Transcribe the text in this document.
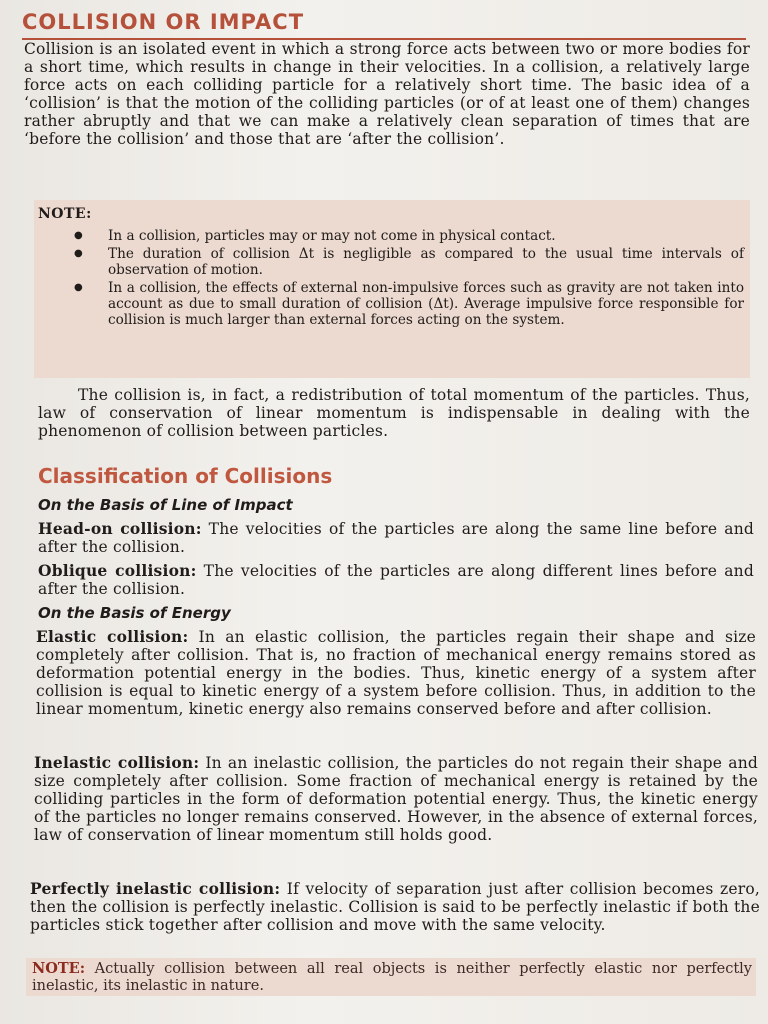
COLLISION OR IMPACT
Collision is an isolated event in which a strong force acts between two or more bodies for a short time, which results in change in their velocities. In a collision, a relatively large force acts on each colliding particle for a relatively short time. The basic idea of a ‘collision’ is that the motion of the colliding particles (or of at least one of them) changes rather abruptly and that we can make a relatively clean separation of times that are ‘before the collision’ and those that are ‘after the collision’.
NOTE:
● In a collision, particles may or may not come in physical contact.
● The duration of collision Δt is negligible as compared to the usual time intervals of observation of motion.
● In a collision, the effects of external non-impulsive forces such as gravity are not taken into account as due to small duration of collision (Δt). Average impulsive force responsible for collision is much larger than external forces acting on the system.
The collision is, in fact, a redistribution of total momentum of the particles. Thus, law of conservation of linear momentum is indispensable in dealing with the phenomenon of collision between particles.
Classification of Collisions
On the Basis of Line of Impact
Head-on collision: The velocities of the particles are along the same line before and after the collision.
Oblique collision: The velocities of the particles are along different lines before and after the collision.
On the Basis of Energy
Elastic collision: In an elastic collision, the particles regain their shape and size completely after collision. That is, no fraction of mechanical energy remains stored as deformation potential energy in the bodies. Thus, kinetic energy of a system after collision is equal to kinetic energy of a system before collision. Thus, in addition to the linear momentum, kinetic energy also remains conserved before and after collision.
Inelastic collision: In an inelastic collision, the particles do not regain their shape and size completely after collision. Some fraction of mechanical energy is retained by the colliding particles in the form of deformation potential energy. Thus, the kinetic energy of the particles no longer remains conserved. However, in the absence of external forces, law of conservation of linear momentum still holds good.
Perfectly inelastic collision: If velocity of separation just after collision becomes zero, then the collision is perfectly inelastic. Collision is said to be perfectly inelastic if both the particles stick together after collision and move with the same velocity.
NOTE: Actually collision between all real objects is neither perfectly elastic nor perfectly inelastic, its inelastic in nature.
